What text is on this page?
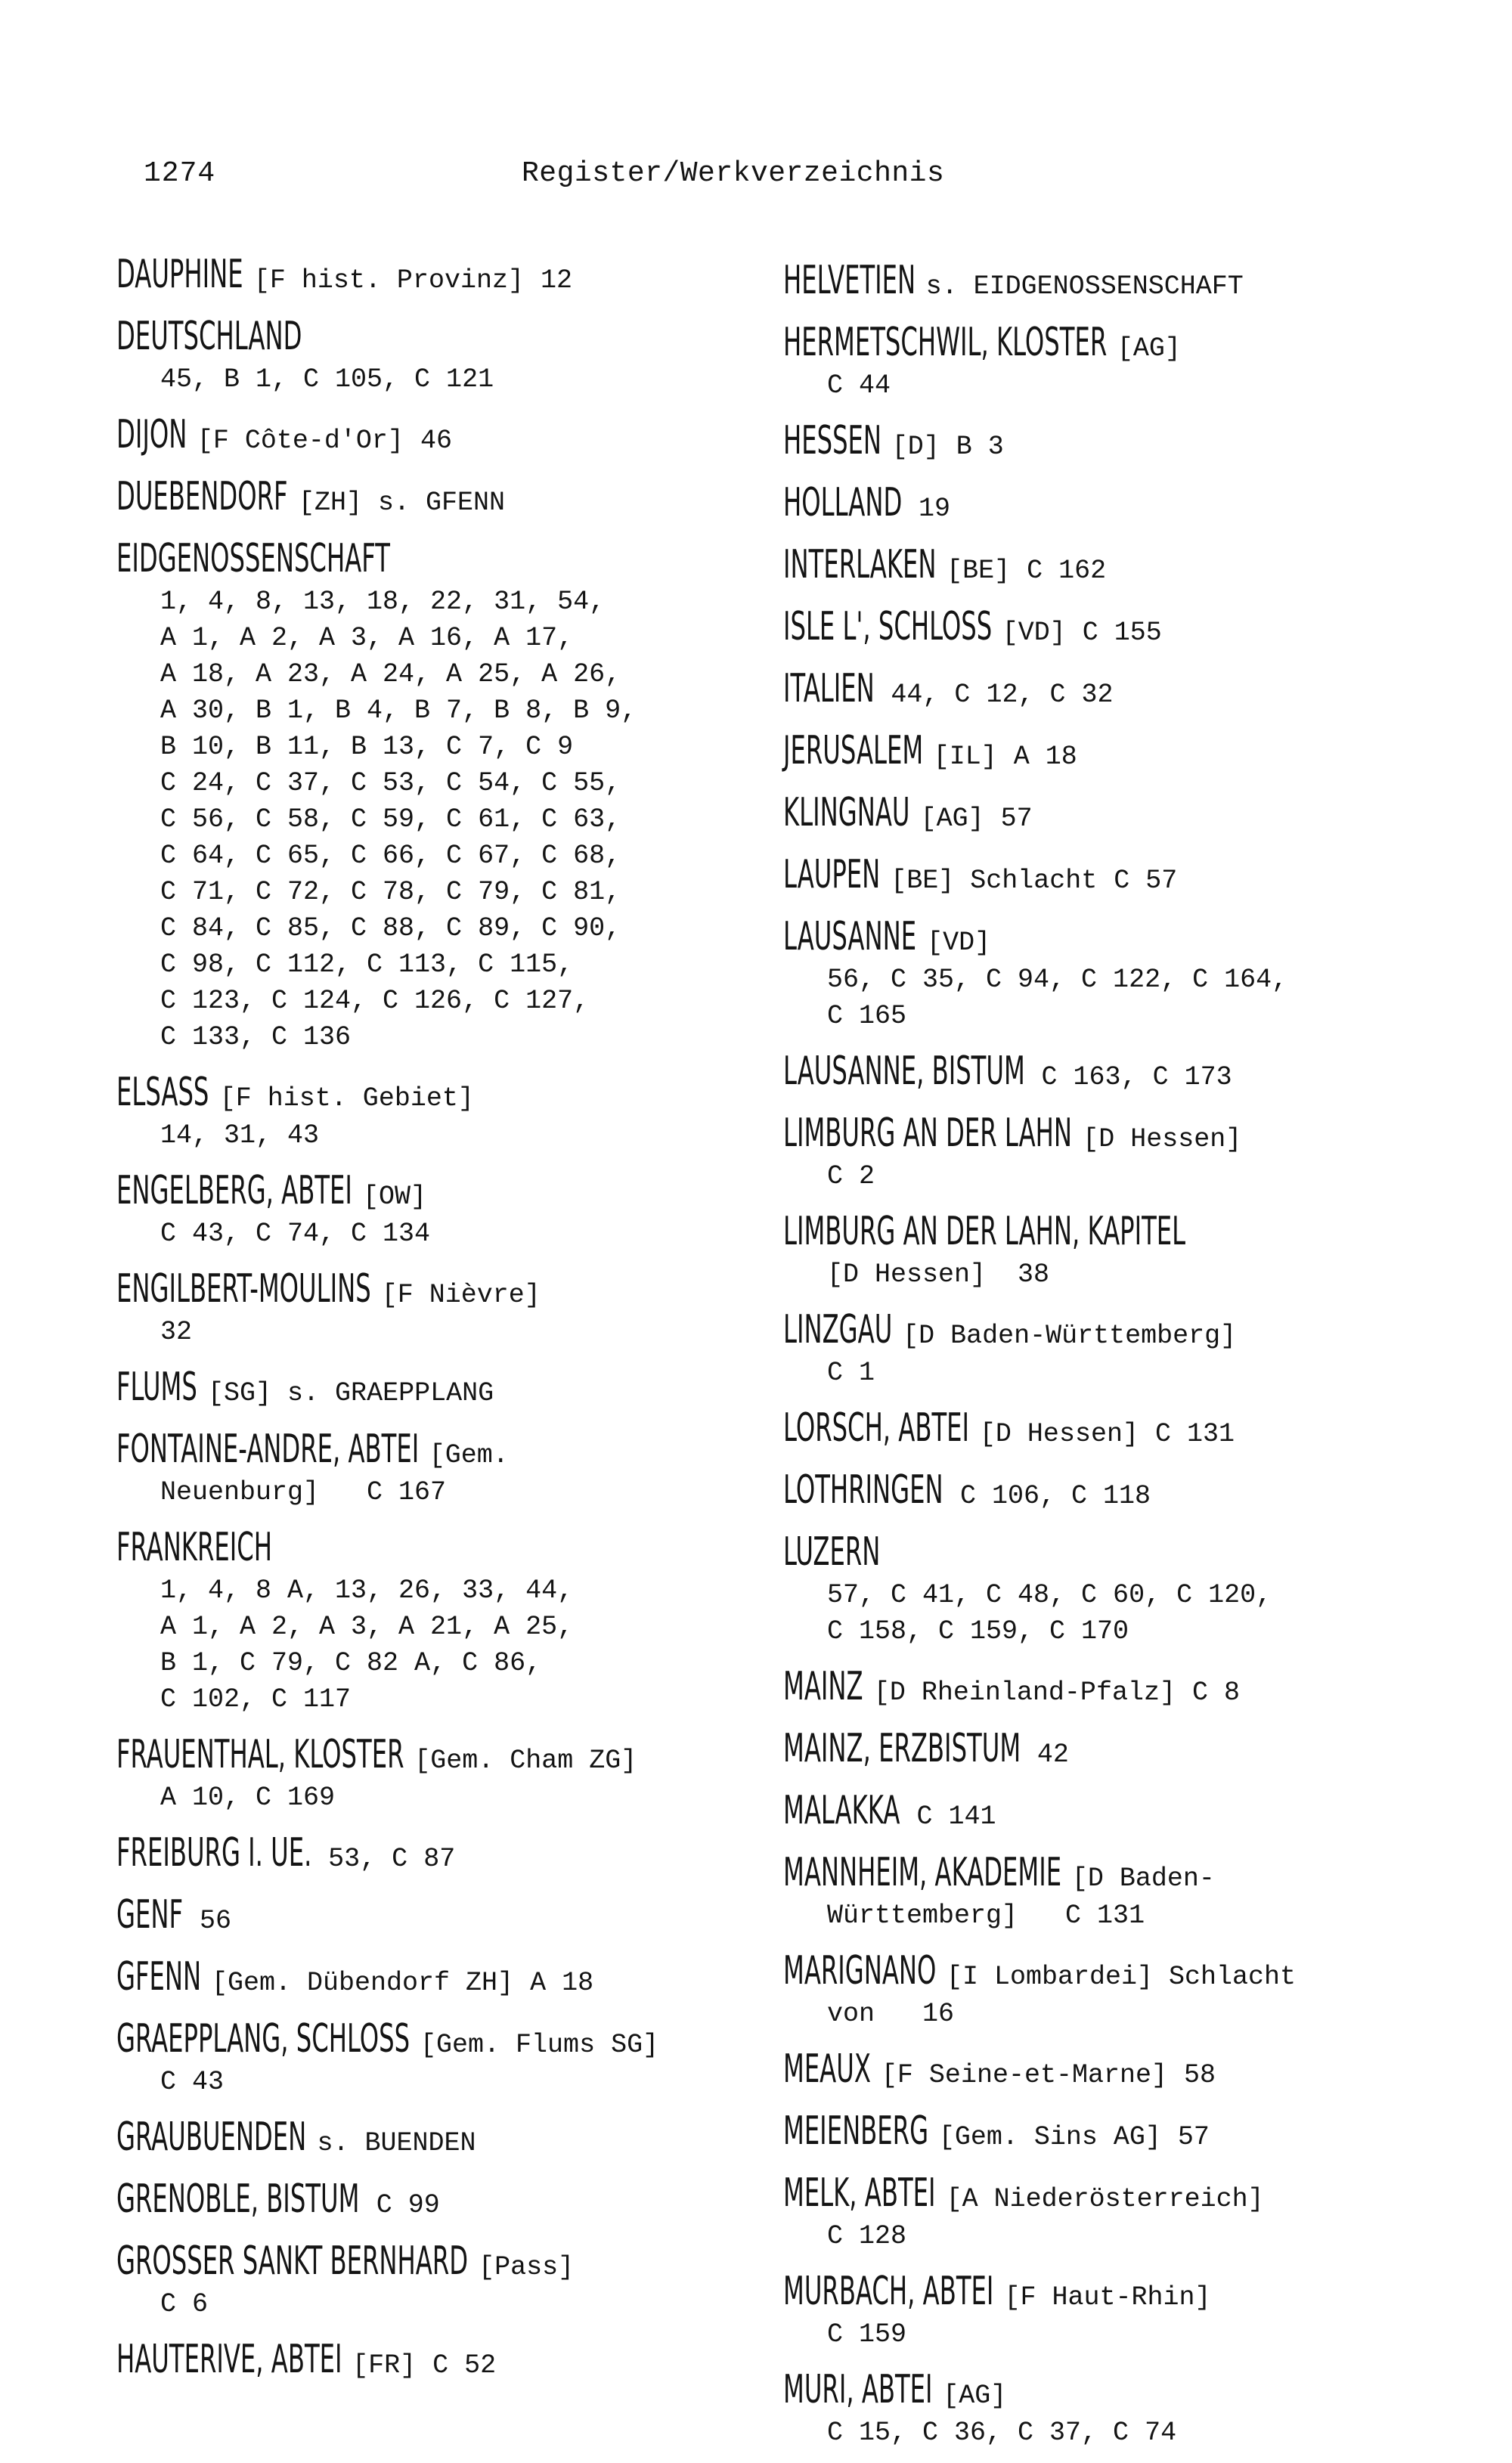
1274	Register/Werkverzeichnis
DAUPHINE [F hist. Provinz] 12
DEUTSCHLAND
45, B 1, C 105, C 121
DIJON [F Côte-d'Or] 46
DUEBENDORF [ZH] s. GFENN
EIDGENOSSENSCHAFT
1, 4, 8, 13, 18, 22, 31, 54,
A 1, A 2, A 3, A 16, A 17,
A 18, A 23, A 24, A 25, A 26,
A 30, B 1, B 4, B 7, B 8, B 9,
B 10, B 11, B 13, C 7, C 9
C 24, C 37, C 53, C 54, C 55,
C 56, C 58, C 59, C 61, C 63,
C 64, C 65, C 66, C 67, C 68,
C 71, C 72, C 78, C 79, C 81,
C 84, C 85, C 88, C 89, C 90,
C 98, C 112, C 113, C 115,
C 123, C 124, C 126, C 127,
C 133, C 136
ELSASS [F hist. Gebiet]
14, 31, 43
ENGELBERG, ABTEI [OW]
C 43, C 74, C 134
ENGILBERT-MOULINS [F Nièvre]
32
FLUMS [SG] s. GRAEPPLANG
FONTAINE-ANDRE, ABTEI [Gem.
Neuenburg]   C 167
FRANKREICH
1, 4, 8 A, 13, 26, 33, 44,
A 1, A 2, A 3, A 21, A 25,
B 1, C 79, C 82 A, C 86,
C 102, C 117
FRAUENTHAL, KLOSTER [Gem. Cham ZG]
A 10, C 169
FREIBURG I. UE. 53, C 87
GENF 56
GFENN [Gem. Dübendorf ZH] A 18
GRAEPPLANG, SCHLOSS [Gem. Flums SG]
C 43
GRAUBUENDEN s. BUENDEN
GRENOBLE, BISTUM C 99
GROSSER SANKT BERNHARD [Pass]
C 6
HAUTERIVE, ABTEI [FR] C 52
HELVETIEN s. EIDGENOSSENSCHAFT
HERMETSCHWIL, KLOSTER [AG]
C 44
HESSEN [D] B 3
HOLLAND 19
INTERLAKEN [BE] C 162
ISLE L', SCHLOSS [VD] C 155
ITALIEN 44, C 12, C 32
JERUSALEM [IL] A 18
KLINGNAU [AG] 57
LAUPEN [BE] Schlacht C 57
LAUSANNE [VD]
56, C 35, C 94, C 122, C 164,
C 165
LAUSANNE, BISTUM C 163, C 173
LIMBURG AN DER LAHN [D Hessen]
C 2
LIMBURG AN DER LAHN, KAPITEL
[D Hessen]  38
LINZGAU [D Baden-Württemberg]
C 1
LORSCH, ABTEI [D Hessen] C 131
LOTHRINGEN C 106, C 118
LUZERN
57, C 41, C 48, C 60, C 120,
C 158, C 159, C 170
MAINZ [D Rheinland-Pfalz] C 8
MAINZ, ERZBISTUM 42
MALAKKA C 141
MANNHEIM, AKADEMIE [D Baden-
Württemberg]   C 131
MARIGNANO [I Lombardei] Schlacht
von   16
MEAUX [F Seine-et-Marne] 58
MEIENBERG [Gem. Sins AG] 57
MELK, ABTEI [A Niederösterreich]
C 128
MURBACH, ABTEI [F Haut-Rhin]
C 159
MURI, ABTEI [AG]
C 15, C 36, C 37, C 74
